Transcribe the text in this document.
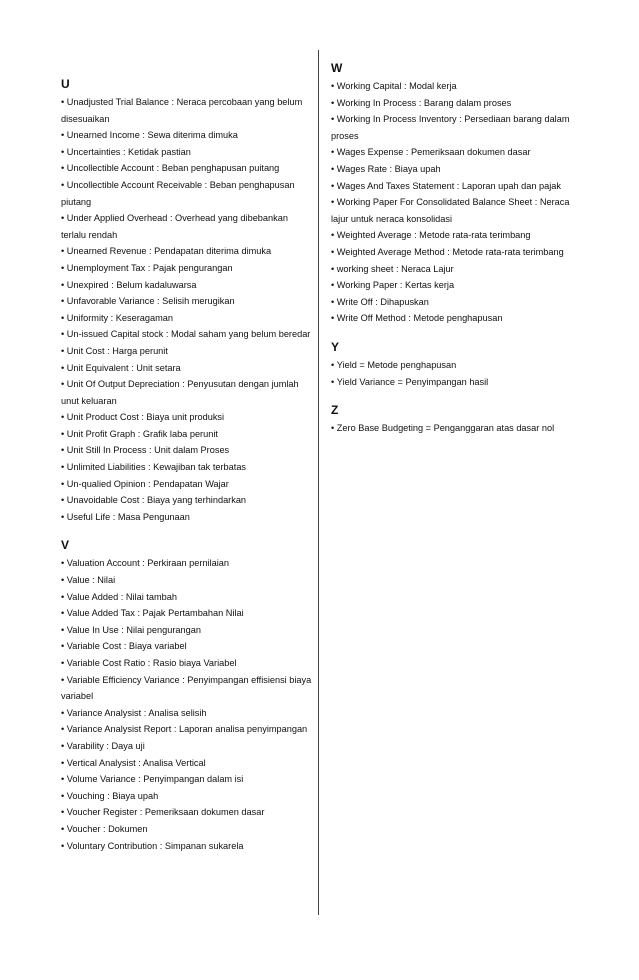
U
• Unadjusted Trial Balance : Neraca percobaan yang belum disesuaikan
• Unearned Income : Sewa diterima dimuka
• Uncertainties : Ketidak pastian
• Uncollectible Account : Beban penghapusan puitang
• Uncollectible Account Receivable : Beban penghapusan piutang
• Under Applied Overhead : Overhead yang dibebankan terlalu rendah
• Unearned Revenue : Pendapatan diterima dimuka
• Unemployment Tax : Pajak pengurangan
• Unexpired : Belum kadaluwarsa
• Unfavorable Variance : Selisih merugikan
• Uniformity : Keseragaman
• Un-issued Capital stock : Modal saham yang belum beredar
• Unit Cost : Harga perunit
• Unit Equivalent : Unit setara
• Unit Of Output Depreciation : Penyusutan dengan jumlah unut keluaran
• Unit Product Cost : Biaya unit produksi
• Unit Profit Graph : Grafik laba perunit
• Unit Still In Process : Unit dalam Proses
• Unlimited Liabilities : Kewajiban tak terbatas
• Un-qualied Opinion : Pendapatan Wajar
• Unavoidable Cost : Biaya yang terhindarkan
• Useful Life : Masa Pengunaan
V
• Valuation Account : Perkiraan pernilaian
• Value : Nilai
• Value Added : Nilai tambah
• Value Added Tax : Pajak Pertambahan Nilai
• Value In Use : Nilai pengurangan
• Variable Cost : Biaya variabel
• Variable Cost Ratio : Rasio biaya Variabel
• Variable Efficiency Variance : Penyimpangan effisiensi biaya variabel
• Variance Analysist : Analisa selisih
• Variance Analysist Report : Laporan analisa penyimpangan
• Varability : Daya uji
• Vertical Analysist : Analisa Vertical
• Volume Variance : Penyimpangan dalam isi
• Vouching : Biaya upah
• Voucher Register : Pemeriksaan dokumen dasar
• Voucher : Dokumen
• Voluntary Contribution : Simpanan sukarela
W
• Working Capital : Modal kerja
• Working In Process : Barang dalam proses
• Working In Process Inventory : Persediaan barang dalam proses
• Wages Expense : Pemeriksaan dokumen dasar
• Wages Rate : Biaya upah
• Wages And Taxes Statement : Laporan upah dan pajak
• Working Paper For Consolidated Balance Sheet : Neraca lajur untuk neraca konsolidasi
• Weighted Average : Metode rata-rata terimbang
• Weighted Average Method : Metode rata-rata terimbang
• working sheet : Neraca Lajur
• Working Paper : Kertas kerja
• Write Off : Dihapuskan
• Write Off Method : Metode penghapusan
Y
• Yield = Metode penghapusan
• Yield Variance = Penyimpangan hasil
Z
• Zero Base Budgeting = Penganggaran atas dasar nol
